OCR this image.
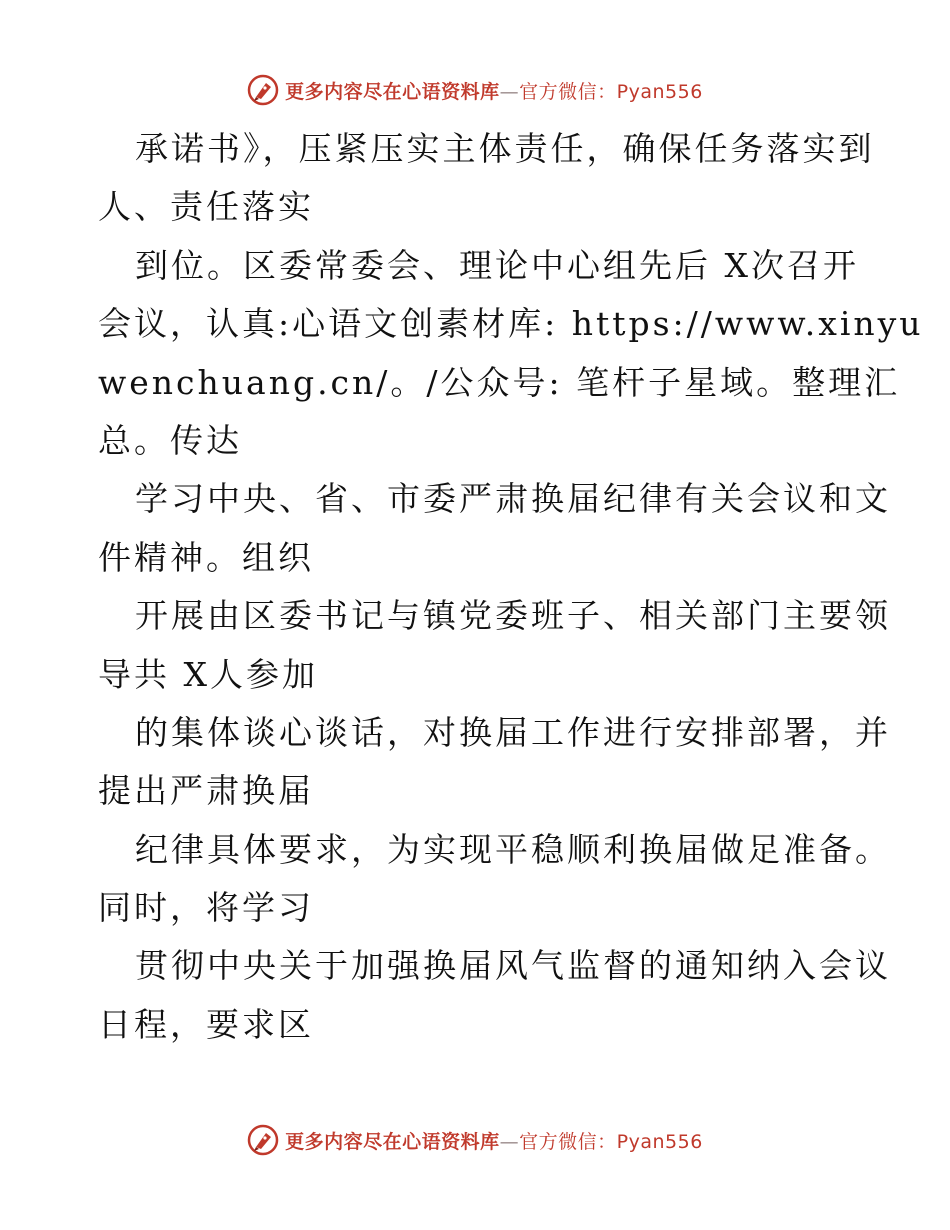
更多内容尽在心语资料库—官方微信：Pyan556
承诺书》，压紧压实主体责任，确保任务落实到
人、责任落实
到位。区委常委会、理论中心组先后 X次召开
会议，认真:心语文创素材库: https://www.xinyu
wenchuang.cn/。/公众号: 笔杆子星域。整理汇
总。传达
学习中央、省、市委严肃换届纪律有关会议和文
件精神。组织
开展由区委书记与镇党委班子、相关部门主要领
导共 X人参加
的集体谈心谈话，对换届工作进行安排部署，并
提出严肃换届
纪律具体要求，为实现平稳顺利换届做足准备。
同时，将学习
贯彻中央关于加强换届风气监督的通知纳入会议
日程，要求区
更多内容尽在心语资料库—官方微信：Pyan556
